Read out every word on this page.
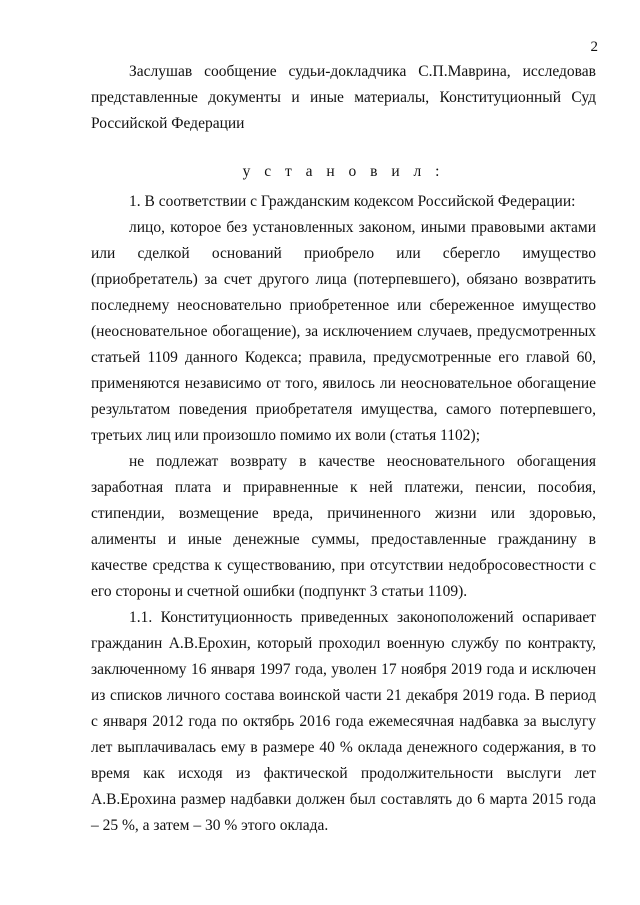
2

Заслушав сообщение судьи-докладчика С.П.Маврина, исследовав представленные документы и иные материалы, Конституционный Суд Российской Федерации

у с т а н о в и л :

1. В соответствии с Гражданским кодексом Российской Федерации:

лицо, которое без установленных законом, иными правовыми актами или сделкой оснований приобрело или сберегло имущество (приобретатель) за счет другого лица (потерпевшего), обязано возвратить последнему неосновательно приобретенное или сбереженное имущество (неосновательное обогащение), за исключением случаев, предусмотренных статьей 1109 данного Кодекса; правила, предусмотренные его главой 60, применяются независимо от того, явилось ли неосновательное обогащение результатом поведения приобретателя имущества, самого потерпевшего, третьих лиц или произошло помимо их воли (статья 1102);

не подлежат возврату в качестве неосновательного обогащения заработная плата и приравненные к ней платежи, пенсии, пособия, стипендии, возмещение вреда, причиненного жизни или здоровью, алименты и иные денежные суммы, предоставленные гражданину в качестве средства к существованию, при отсутствии недобросовестности с его стороны и счетной ошибки (подпункт 3 статьи 1109).

1.1. Конституционность приведенных законоположений оспаривает гражданин А.В.Ерохин, который проходил военную службу по контракту, заключенному 16 января 1997 года, уволен 17 ноября 2019 года и исключен из списков личного состава воинской части 21 декабря 2019 года. В период с января 2012 года по октябрь 2016 года ежемесячная надбавка за выслугу лет выплачивалась ему в размере 40 % оклада денежного содержания, в то время как исходя из фактической продолжительности выслуги лет А.В.Ерохина размер надбавки должен был составлять до 6 марта 2015 года – 25 %, а затем – 30 % этого оклада.
